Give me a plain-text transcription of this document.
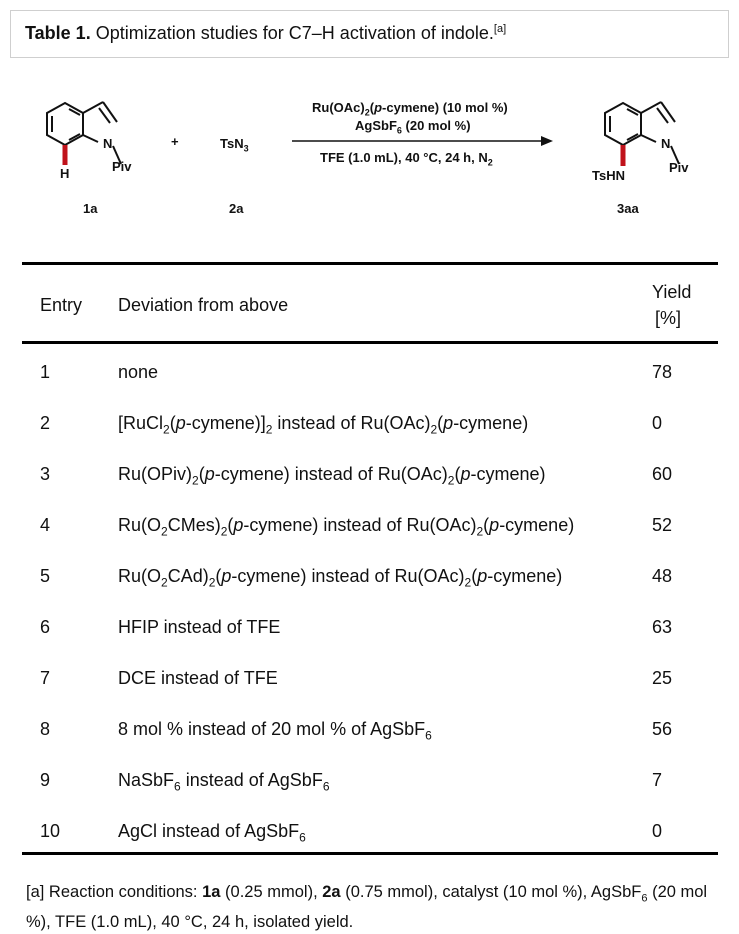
Table 1. Optimization studies for C7–H activation of indole.[a]
N
Piv
H
+	TsN$_3$
$Ru(OAc)_2(p-cymene)$ (10 mol %)
AgSbF$_6$ (20 mol %)
TFE (1.0 mL), 40 °C, 24 h, $N_2$
N
Piv
TsHN
1a	2a	3aa
Entry Deviation from above
Yield
[%]
1	none	78
2	$[RuCl_2(p-cymene)]_2$ instead of $Ru(OAc)_2(p-cymene)$	0
3	$Ru(OPiv)_2(p-cymene)$ instead of $Ru(OAc)_2(p-cymene)$	60
4	$Ru(O_2CMes)_2(p-cymene)$ instead of $Ru(OAc)_2(p-cymene)$	52
5	$Ru(O_2CAd)_2(p-cymene)$ instead of $Ru(OAc)_2(p-cymene)$	48
6	HFIP instead of TFE	63
7	DCE instead of TFE	25
8	8 mol % instead of 20 mol % of AgSbF$_6$	56
9	NaSbF$_6$ instead of AgSbF$_6$	7
10	AgCl instead of AgSbF$_6$	0
[a] Reaction conditions: 1a (0.25 mmol), 2a (0.75 mmol), catalyst (10 mol %), AgSbF$_6$ (20 mol %), TFE (1.0 mL), 40 °C, 24 h, isolated yield.
